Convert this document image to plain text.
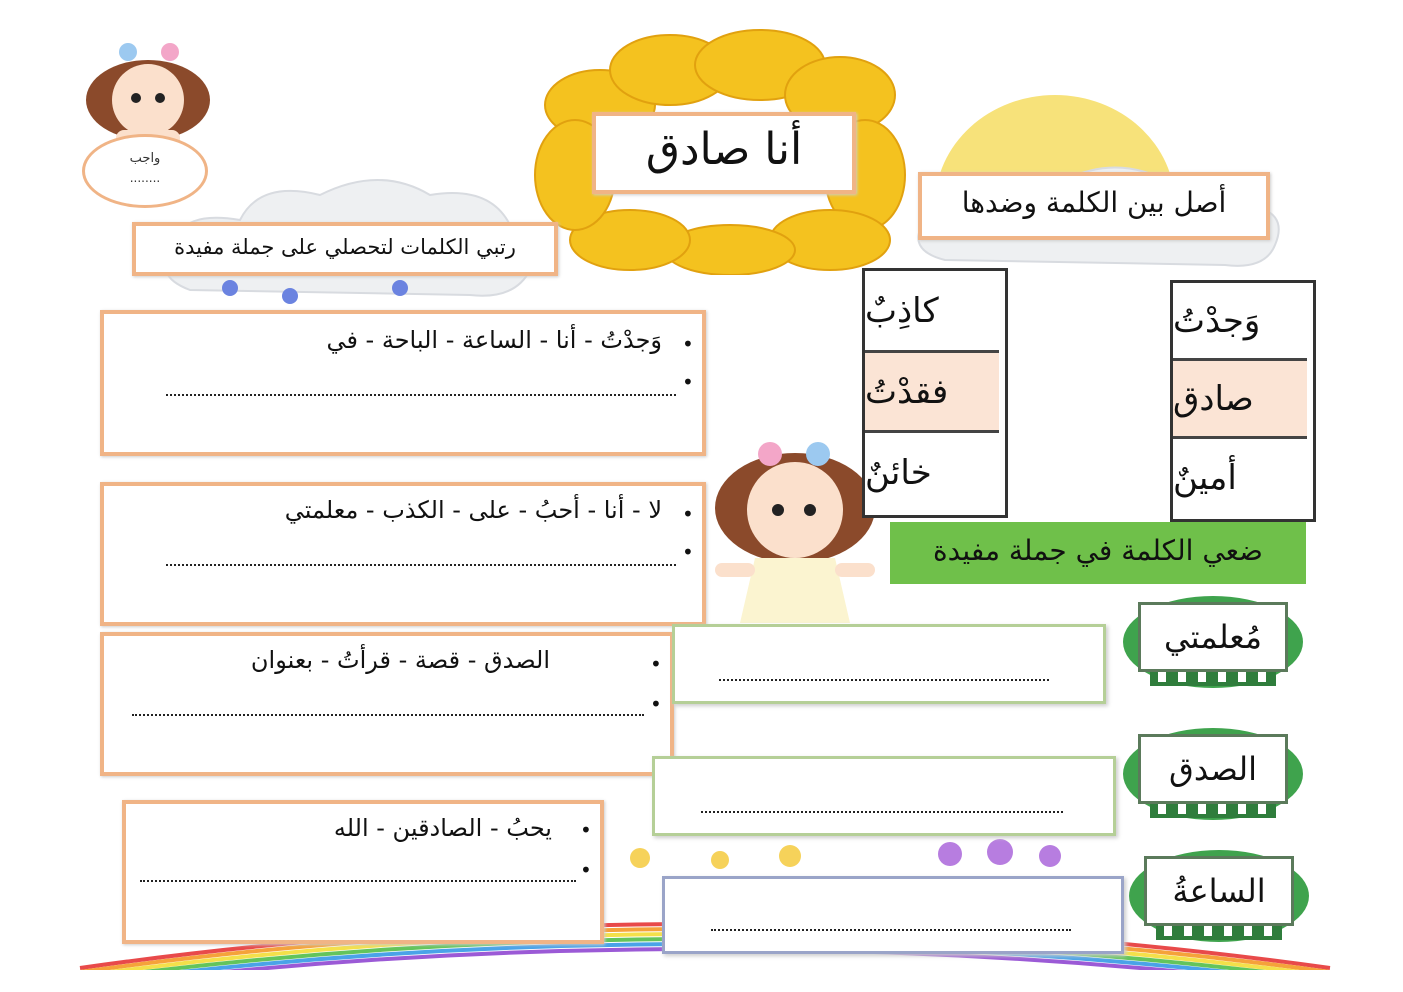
واجب
........
أنا صادق
أصل بين الكلمة وضدها
وَجدْتُ
صادق
أمينٌ
كاذِبٌ
فقدْتُ
خائنٌ
رتبي الكلمات لتحصلي على جملة مفيدة
•
وَجدْتُ - أنا - الساعة - الباحة - في
•
•
لا - أنا - أحبُ - على - الكذب - معلمتي
•
•
الصدق - قصة - قرأتُ - بعنوان
•
•
يحبُ - الصادقين - الله
•
ضعي الكلمة في جملة مفيدة
مُعلمتي
الصدق
الساعةُ
